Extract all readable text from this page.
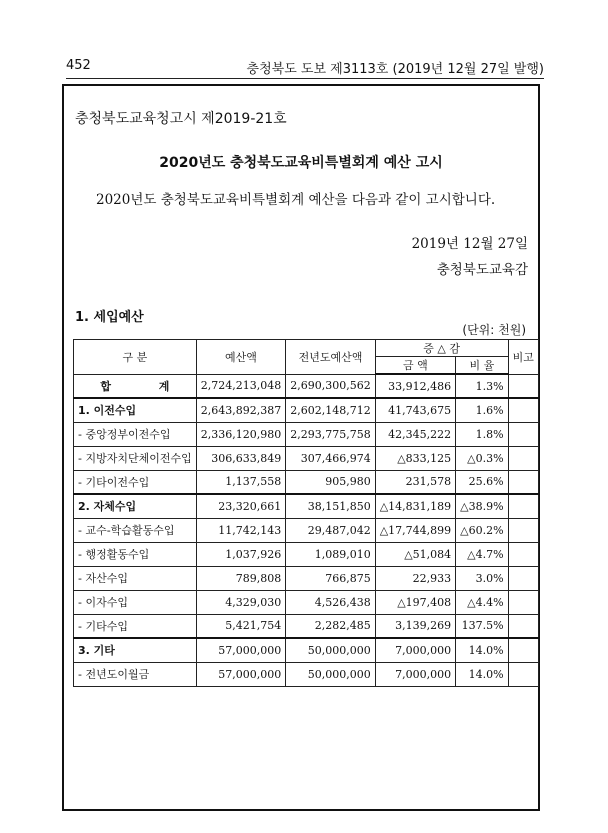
452	충청북도 도보 제3113호 (2019년 12월 27일 발행)
충청북도교육청고시 제2019-21호
2020년도 충청북도교육비특별회계 예산 고시
2020년도 충청북도교육비특별회계 예산을 다음과 같이 고시합니다.
2019년 12월 27일
충청북도교육감
1. 세입예산
(단위: 천원)
구 분	예산액	전년도예산액	증 △ 감		비고
			금 액	비 율	
합 계	2,724,213,048	2,690,300,562	33,912,486	1.3%	
1. 이전수입	2,643,892,387	2,602,148,712	41,743,675	1.6%	
- 중앙정부이전수입	2,336,120,980	2,293,775,758	42,345,222	1.8%	
- 지방자치단체이전수입	306,633,849	307,466,974	△833,125	△0.3%	
- 기타이전수입	1,137,558	905,980	231,578	25.6%	
2. 자체수입	23,320,661	38,151,850	△14,831,189	△38.9%	
- 교수-학습활동수입	11,742,143	29,487,042	△17,744,899	△60.2%	
- 행정활동수입	1,037,926	1,089,010	△51,084	△4.7%	
- 자산수입	789,808	766,875	22,933	3.0%	
- 이자수입	4,329,030	4,526,438	△197,408	△4.4%	
- 기타수입	5,421,754	2,282,485	3,139,269	137.5%	
3. 기타	57,000,000	50,000,000	7,000,000	14.0%	
- 전년도이월금	57,000,000	50,000,000	7,000,000	14.0%	
